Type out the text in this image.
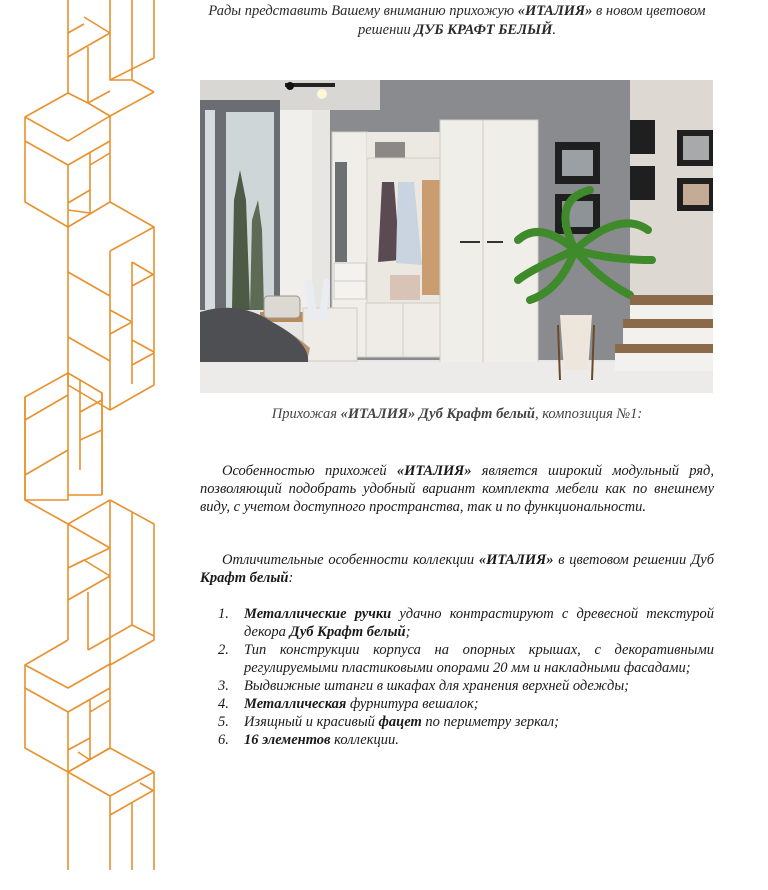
Рады представить Вашему вниманию прихожую «ИТАЛИЯ» в новом цветовом решении ДУБ КРАФТ БЕЛЫЙ.
Прихожая «ИТАЛИЯ» Дуб Крафт белый, композиция №1:
Особенностью прихожей «ИТАЛИЯ» является широкий модульный ряд, позволяющий подобрать удобный вариант комплекта мебели как по внешнему виду, с учетом доступного пространства, так и по функциональности.
Отличительные особенности коллекции «ИТАЛИЯ» в цветовом решении Дуб Крафт белый:
1. Металлические ручки удачно контрастируют с древесной текстурой декора Дуб Крафт белый;
2. Тип конструкции корпуса на опорных крышах, с декоративными регулируемыми пластиковыми опорами 20 мм и накладными фасадами;
3. Выдвижные штанги в шкафах для хранения верхней одежды;
4. Металлическая фурнитура вешалок;
5. Изящный и красивый фацет по периметру зеркал;
6. 16 элементов коллекции.
